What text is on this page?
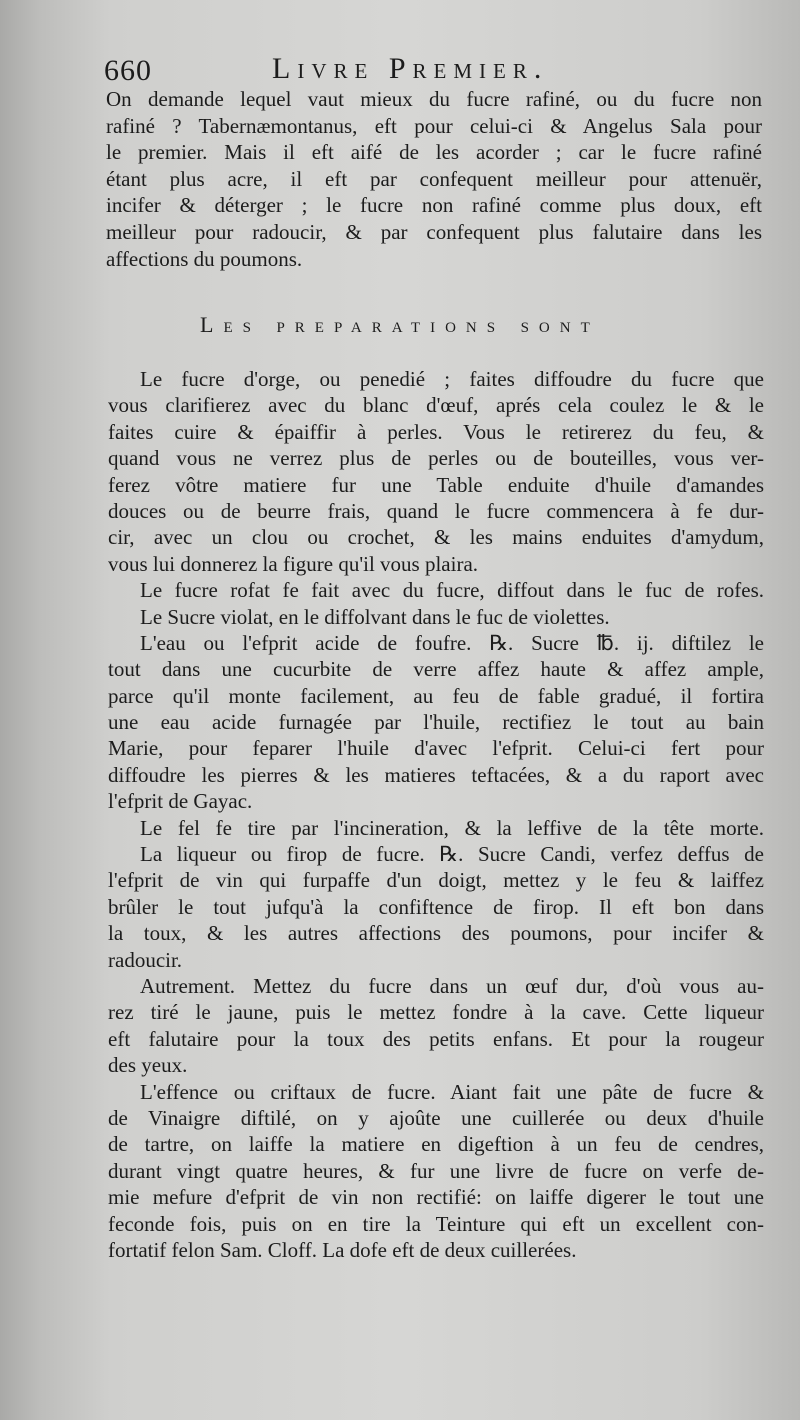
660	Livre Premier.
On demande lequel vaut mieux du fucre rafiné, ou du fucre non
rafiné ? Tabernæmontanus, eft pour celui-ci & Angelus Sala pour
le premier. Mais il eft aifé de les acorder ; car le fucre rafiné
étant plus acre, il eft par confequent meilleur pour attenuër,
incifer & déterger ; le fucre non rafiné comme plus doux, eft
meilleur pour radoucir, & par confequent plus falutaire dans les
affections du poumons.
Les preparations sont
Le fucre d'orge, ou penedié ; faites diffoudre du fucre que
vous clarifierez avec du blanc d'œuf, aprés cela coulez le & le
faites cuire & épaiffir à perles. Vous le retirerez du feu, &
quand vous ne verrez plus de perles ou de bouteilles, vous ver-
ferez vôtre matiere fur une Table enduite d'huile d'amandes
douces ou de beurre frais, quand le fucre commencera à fe dur-
cir, avec un clou ou crochet, & les mains enduites d'amydum,
vous lui donnerez la figure qu'il vous plaira.
Le fucre rofat fe fait avec du fucre, diffout dans le fuc de rofes.
Le Sucre violat, en le diffolvant dans le fuc de violettes.
L'eau ou l'efprit acide de foufre. ℞. Sucre ℔. ij. diftilez le
tout dans une cucurbite de verre affez haute & affez ample,
parce qu'il monte facilement, au feu de fable gradué, il fortira
une eau acide furnagée par l'huile, rectifiez le tout au bain
Marie, pour feparer l'huile d'avec l'efprit. Celui-ci fert pour
diffoudre les pierres & les matieres teftacées, & a du raport avec
l'efprit de Gayac.
Le fel fe tire par l'incineration, & la leffive de la tête morte.
La liqueur ou firop de fucre. ℞. Sucre Candi, verfez deffus de
l'efprit de vin qui furpaffe d'un doigt, mettez y le feu & laiffez
brûler le tout jufqu'à la confiftence de firop. Il eft bon dans
la toux, & les autres affections des poumons, pour incifer &
radoucir.
Autrement. Mettez du fucre dans un œuf dur, d'où vous au-
rez tiré le jaune, puis le mettez fondre à la cave. Cette liqueur
eft falutaire pour la toux des petits enfans. Et pour la rougeur
des yeux.
L'effence ou criftaux de fucre. Aiant fait une pâte de fucre &
de Vinaigre diftilé, on y ajoûte une cuillerée ou deux d'huile
de tartre, on laiffe la matiere en digeftion à un feu de cendres,
durant vingt quatre heures, & fur une livre de fucre on verfe de-
mie mefure d'efprit de vin non rectifié: on laiffe digerer le tout une
feconde fois, puis on en tire la Teinture qui eft un excellent con-
fortatif felon Sam. Cloff. La dofe eft de deux cuillerées.
